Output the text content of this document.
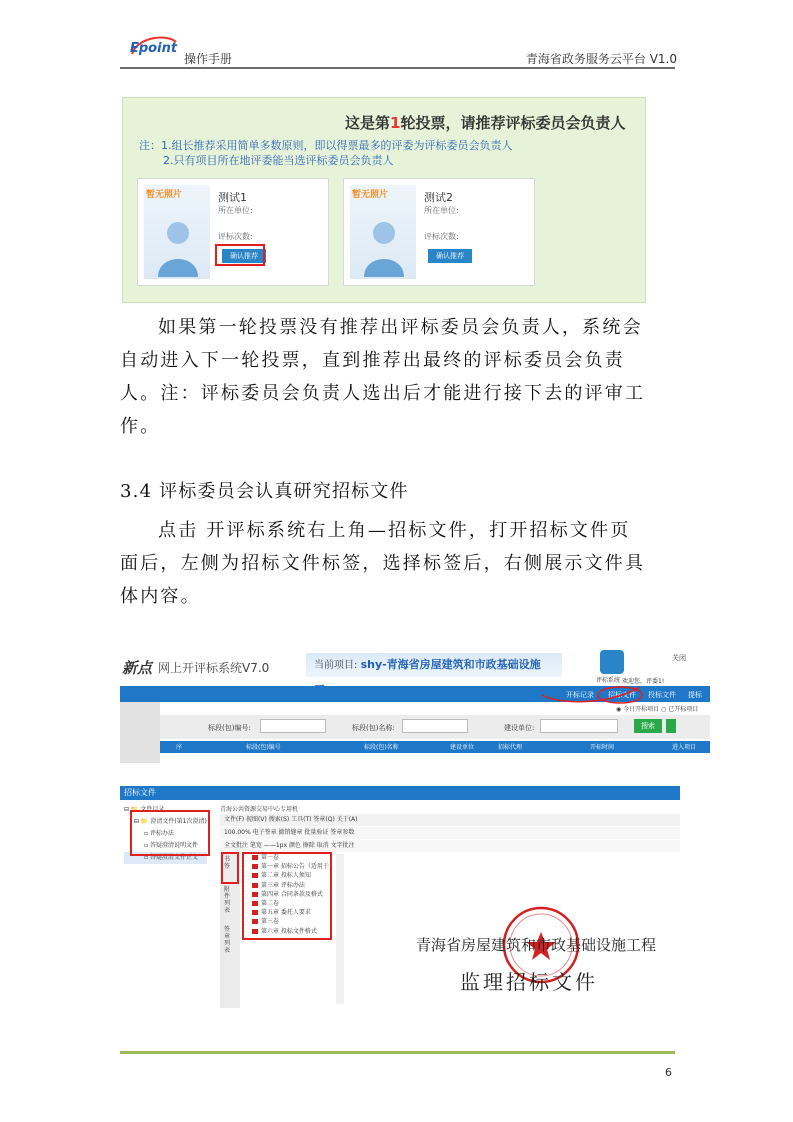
Epoint
操作手册	青海省政务服务云平台 V1.0
这是第1轮投票，请推荐评标委员会负责人
注：1.组长推荐采用简单多数原则，即以得票最多的评委为评标委员会负责人
2.只有项目所在地评委能当选评标委员会负责人
暂无照片	测试1
所在单位:
评标次数:
确认推荐
暂无照片	测试2
所在单位:
评标次数:
确认推荐
如果第一轮投票没有推荐出评标委员会负责人，系统会
自动进入下一轮投票，直到推荐出最终的评标委员会负责
人。注：评标委员会负责人选出后才能进行接下去的评审工
作。
3.4 评标委员会认真研究招标文件
点击 开评标系统右上角—招标文件，打开招标文件页
面后，左侧为招标文件标签，选择标签后，右侧展示文件具
体内容。
新点 网上开评标系统V7.0	当前项目: shy-青海省房屋建筑和市政基础设施
评标系统 欢迎您，评委1!
关闭
开标记录 招标文件 投标文件 提标
◉ 今日开标项目 ○ 已开标项目
标段(包)编号:	标段(包)名称:	建设单位:	搜索
序	标段(包)编号	标段(包)名称	建设单位	招标代理	开标时间	进入项目
招标文件
⊟ 📁 文件目录
⊟ 📁 澄清文件(第1次澄清)
▫ 评标办法
▫ 答疑澄清说明文件
▫ 答疑澄清文件正文
青海公共资源交易中心专用机
文件(F) 视图(V) 搜索(S) 工具(T) 签章(Q) 关于(A)
100.00% 电子签章 撤销缝章 批量验证 签章参数
全文批注 笔宽 ——1px 颜色 擦除 取消 文字批注
书签
附件列表
签章列表
第一卷
第一章 招标公告（适用于
第二章 投标人须知
第三章 评标办法
第四章 合同条款及格式
第二卷
第五章 委托人要求
第三卷
第六章 投标文件格式
青海省房屋建筑和市政基础设施工程
监理招标文件
6
